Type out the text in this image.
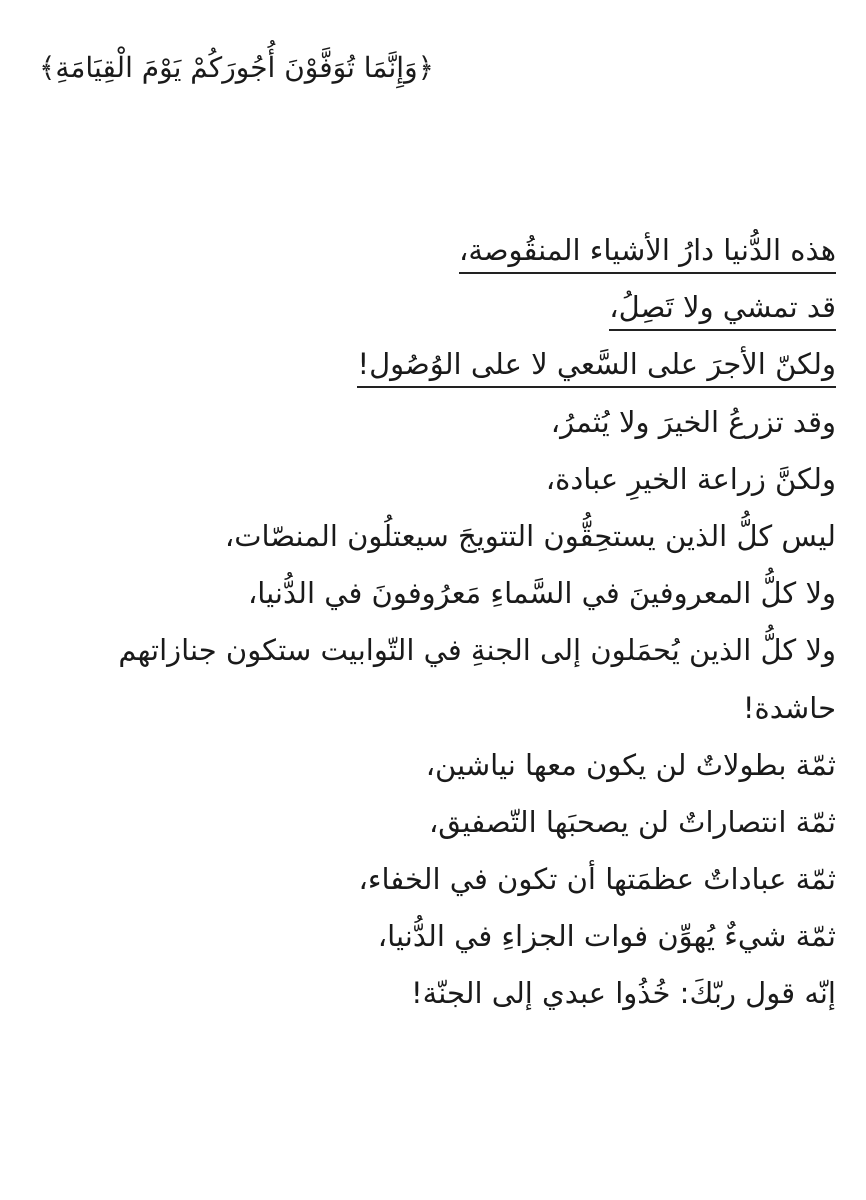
﴿وَإِنَّمَا تُوَفَّوْنَ أُجُورَكُمْ يَوْمَ الْقِيَامَةِ﴾
هذه الدُّنيا دارُ الأشياء المنقُوصة،
قد تمشي ولا تَصِلُ،
ولكنّ الأجرَ على السَّعي لا على الوُصُول!
وقد تزرعُ الخيرَ ولا يُثمرُ،
ولكنَّ زراعة الخيرِ عبادة،
ليس كلُّ الذين يستحِقُّون التتويجَ سيعتلُون المنصّات،
ولا كلُّ المعروفينَ في السَّماءِ مَعرُوفونَ في الدُّنيا،
ولا كلُّ الذين يُحمَلون إلى الجنةِ في التّوابيت ستكون جنازاتهم
حاشدة!
ثمّة بطولاتٌ لن يكون معها نياشين،
ثمّة انتصاراتٌ لن يصحبَها التّصفيق،
ثمّة عباداتٌ عظمَتها أن تكون في الخفاء،
ثمّة شيءٌ يُهوِّن فوات الجزاءِ في الدُّنيا،
إنّه قول ربّكَ: خُذُوا عبدي إلى الجنّة!
